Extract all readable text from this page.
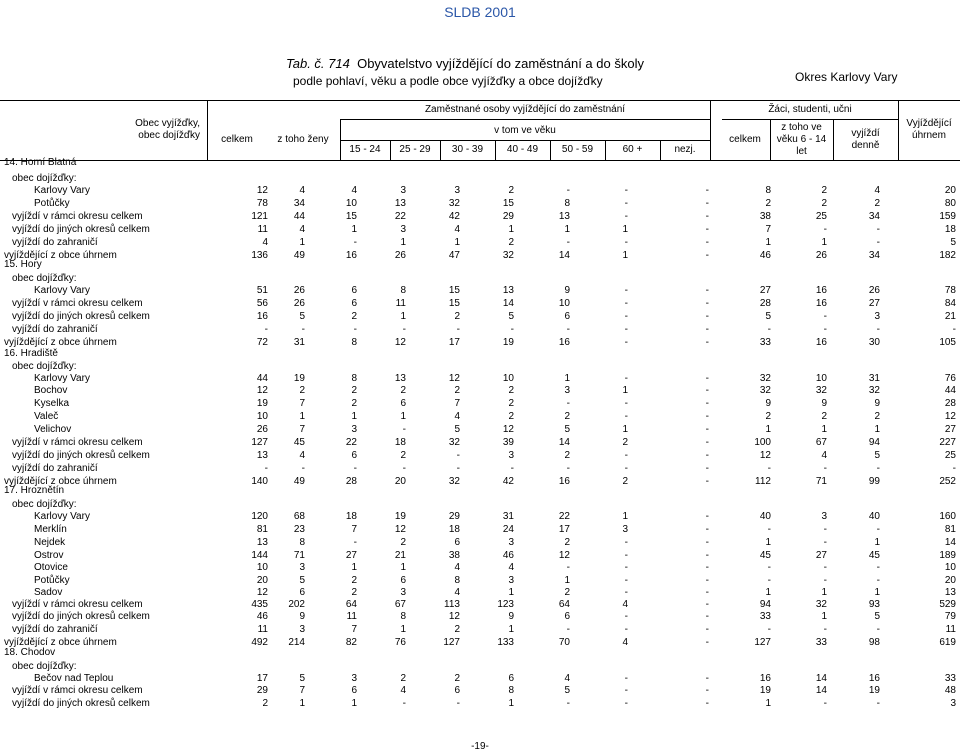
SLDB 2001
Tab. č. 714 Obyvatelstvo vyjíždějící do zaměstnání a do školy
podle pohlaví, věku a podle obce vyjížďky a obce dojížďky	Okres Karlovy Vary
Obec vyjížďky,
obec dojížďky
Zaměstnané osoby vyjíždějící do zaměstnání	Žáci, studenti, učni
Vyjíždějící
úhrnem
celkem	z toho ženy
v tom ve věku
15 - 24	25 - 29	30 - 39	40 - 49	50 - 59	60 +	nezj.
celkem
z toho ve
věku 6 - 14
let
vyjíždí
denně
14. Horní Blatná
obec dojížďky:
Karlovy Vary	12	4	4	3	3	2	-	-	-	8	2	4	20
Potůčky	78	34	10	13	32	15	8	-	-	2	2	2	80
vyjíždí v rámci okresu celkem	121	44	15	22	42	29	13	-	-	38	25	34	159
vyjíždí do jiných okresů celkem	11	4	1	3	4	1	1	1	-	7	-	-	18
vyjíždí do zahraničí	4	1	-	1	1	2	-	-	-	1	1	-	5
vyjíždějící z obce úhrnem	136	49	16	26	47	32	14	1	-	46	26	34	182
15. Hory
obec dojížďky:
Karlovy Vary	51	26	6	8	15	13	9	-	-	27	16	26	78
vyjíždí v rámci okresu celkem	56	26	6	11	15	14	10	-	-	28	16	27	84
vyjíždí do jiných okresů celkem	16	5	2	1	2	5	6	-	-	5	-	3	21
vyjíždí do zahraničí	-	-	-	-	-	-	-	-	-	-	-	-	-
vyjíždějící z obce úhrnem	72	31	8	12	17	19	16	-	-	33	16	30	105
16. Hradiště
obec dojížďky:
Karlovy Vary	44	19	8	13	12	10	1	-	-	32	10	31	76
Bochov	12	2	2	2	2	2	3	1	-	32	32	32	44
Kyselka	19	7	2	6	7	2	-	-	-	9	9	9	28
Valeč	10	1	1	1	4	2	2	-	-	2	2	2	12
Velichov	26	7	3	-	5	12	5	1	-	1	1	1	27
vyjíždí v rámci okresu celkem	127	45	22	18	32	39	14	2	-	100	67	94	227
vyjíždí do jiných okresů celkem	13	4	6	2	-	3	2	-	-	12	4	5	25
vyjíždí do zahraničí	-	-	-	-	-	-	-	-	-	-	-	-	-
vyjíždějící z obce úhrnem	140	49	28	20	32	42	16	2	-	112	71	99	252
17. Hroznětín
obec dojížďky:
Karlovy Vary	120	68	18	19	29	31	22	1	-	40	3	40	160
Merklín	81	23	7	12	18	24	17	3	-	-	-	-	81
Nejdek	13	8	-	2	6	3	2	-	-	1	-	1	14
Ostrov	144	71	27	21	38	46	12	-	-	45	27	45	189
Otovice	10	3	1	1	4	4	-	-	-	-	-	-	10
Potůčky	20	5	2	6	8	3	1	-	-	-	-	-	20
Sadov	12	6	2	3	4	1	2	-	-	1	1	1	13
vyjíždí v rámci okresu celkem	435	202	64	67	113	123	64	4	-	94	32	93	529
vyjíždí do jiných okresů celkem	46	9	11	8	12	9	6	-	-	33	1	5	79
vyjíždí do zahraničí	11	3	7	1	2	1	-	-	-	-	-	-	11
vyjíždějící z obce úhrnem	492	214	82	76	127	133	70	4	-	127	33	98	619
18. Chodov
obec dojížďky:
Bečov nad Teplou	17	5	3	2	2	6	4	-	-	16	14	16	33
vyjíždí v rámci okresu celkem	29	7	6	4	6	8	5	-	-	19	14	19	48
vyjíždí do jiných okresů celkem	2	1	1	-	-	1	-	-	-	1	-	-	3
-19-
